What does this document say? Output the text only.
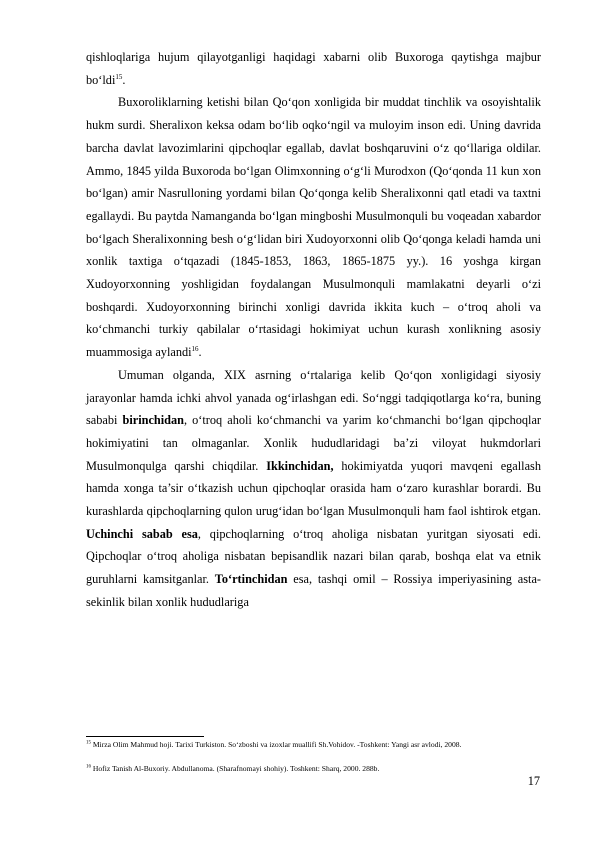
qishloqlariga hujum qilayotganligi haqidagi xabarni olib Buxoroga qaytishga majbur bo‘ldi$^{15}$.

Buxoroliklarning ketishi bilan Qo‘qon xonligida bir muddat tinchlik va osoyishtalik hukm surdi. Sheralixon keksa odam bo‘lib oqko‘ngil va muloyim inson edi. Uning davrida barcha davlat lavozimlarini qipchoqlar egallab, davlat boshqaruvini o‘z qo‘llariga oldilar. Ammo, 1845 yilda Buxoroda bo‘lgan Olimxonning o‘g‘li Murodxon (Qo‘qonda 11 kun xon bo‘lgan) amir Nasrulloning yordami bilan Qo‘qonga kelib Sheralixonni qatl etadi va taxtni egallaydi. Bu paytda Namanganda bo‘lgan mingboshi Musulmonquli bu voqeadan xabardor bo‘lgach Sheralixonning besh o‘g‘lidan biri Xudoyorxonni olib Qo‘qonga keladi hamda uni xonlik taxtiga o‘tqazadi (1845-1853, 1863, 1865-1875 yy.). 16 yoshga kirgan Xudoyorxonning yoshligidan foydalangan Musulmonquli mamlakatni deyarli o‘zi boshqardi. Xudoyorxonning birinchi xonligi davrida ikkita kuch – o‘troq aholi va ko‘chmanchi turkiy qabilalar o‘rtasidagi hokimiyat uchun kurash xonlikning asosiy muammosiga aylandi$^{16}$.

Umuman olganda, XIX asrning o‘rtalariga kelib Qo‘qon xonligidagi siyosiy jarayonlar hamda ichki ahvol yanada og‘irlashgan edi. So‘nggi tadqiqotlarga ko‘ra, buning sababi birinchidan, o‘troq aholi ko‘chmanchi va yarim ko‘chmanchi bo‘lgan qipchoqlar hokimiyatini tan olmaganlar. Xonlik hududlaridagi ba’zi viloyat hukmdorlari Musulmonqulga qarshi chiqdilar. Ikkinchidan, hokimiyatda yuqori mavqeni egallash hamda xonga ta’sir o‘tkazish uchun qipchoqlar orasida ham o‘zaro kurashlar borardi. Bu kurashlarda qipchoqlarning qulon urug‘idan bo‘lgan Musulmonquli ham faol ishtirok etgan. Uchinchi sabab esa, qipchoqlarning o‘troq aholiga nisbatan yuritgan siyosati edi. Qipchoqlar o‘troq aholiga nisbatan bepisandlik nazari bilan qarab, boshqa elat va etnik guruhlarni kamsitganlar. To‘rtinchidan esa, tashqi omil – Rossiya imperiyasining asta-sekinlik bilan xonlik hududlariga

$^{15}$ Mirza Olim Mahmud hoji. Tarixi Turkiston. So‘zboshi va izoxlar muallifi Sh.Vohidov. -Toshkent: Yangi asr avlodi, 2008.

$^{16}$ Hofiz Tanish Al-Buxoriy. Abdullanoma. (Sharafnomayi shohiy). Toshkent: Sharq, 2000. 288b.

17
